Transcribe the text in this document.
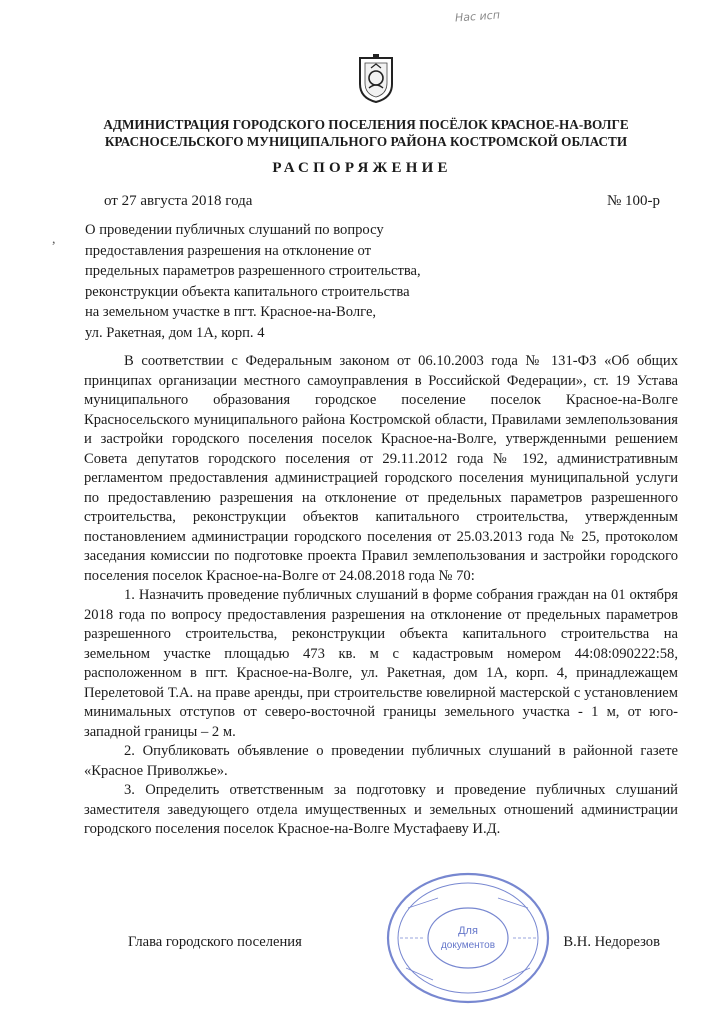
Нас исп
АДМИНИСТРАЦИЯ ГОРОДСКОГО ПОСЕЛЕНИЯ ПОСЁЛОК КРАСНОЕ-НА-ВОЛГЕ
КРАСНОСЕЛЬСКОГО МУНИЦИПАЛЬНОГО РАЙОНА КОСТРОМСКОЙ ОБЛАСТИ
РАСПОРЯЖЕНИЕ
от 27 августа 2018 года	№ 100-р
,
О проведении публичных слушаний по вопросу
предоставления разрешения на отклонение от
предельных параметров разрешенного строительства,
реконструкции объекта капитального строительства
на земельном участке в пгт. Красное-на-Волге,
ул. Ракетная, дом 1А, корп. 4

В соответствии с Федеральным законом от 06.10.2003 года № 131-ФЗ «Об общих принципах организации местного самоуправления в Российской Федерации», ст. 19 Устава муниципального образования городское поселение поселок Красное-на-Волге Красносельского муниципального района Костромской области, Правилами землепользования и застройки городского поселения поселок Красное-на-Волге, утвержденными решением Совета депутатов городского поселения от 29.11.2012 года № 192, административным регламентом предоставления администрацией городского поселения муниципальной услуги по предоставлению разрешения на отклонение от предельных параметров разрешенного строительства, реконструкции объектов капитального строительства, утвержденным постановлением администрации городского поселения от 25.03.2013 года № 25, протоколом заседания комиссии по подготовке проекта Правил землепользования и застройки городского поселения поселок Красное-на-Волге от 24.08.2018 года № 70:

1. Назначить проведение публичных слушаний в форме собрания граждан на 01 октября 2018 года по вопросу предоставления разрешения на отклонение от предельных параметров разрешенного строительства, реконструкции объекта капитального строительства на земельном участке площадью 473 кв. м с кадастровым номером 44:08:090222:58, расположенном в пгт. Красное-на-Волге, ул. Ракетная, дом 1А, корп. 4, принадлежащем Перелетовой Т.А. на праве аренды, при строительстве ювелирной мастерской с установлением минимальных отступов от северо-восточной границы земельного участка - 1 м, от юго-западной границы – 2 м.

2. Опубликовать объявление о проведении публичных слушаний в районной газете «Красное Приволжье».

3. Определить ответственным за подготовку и проведение публичных слушаний заместителя заведующего отдела имущественных и земельных отношений администрации городского поселения поселок Красное-на-Волге Мустафаеву И.Д.

Для
документов
Глава городского поселения	В.Н. Недорезов
